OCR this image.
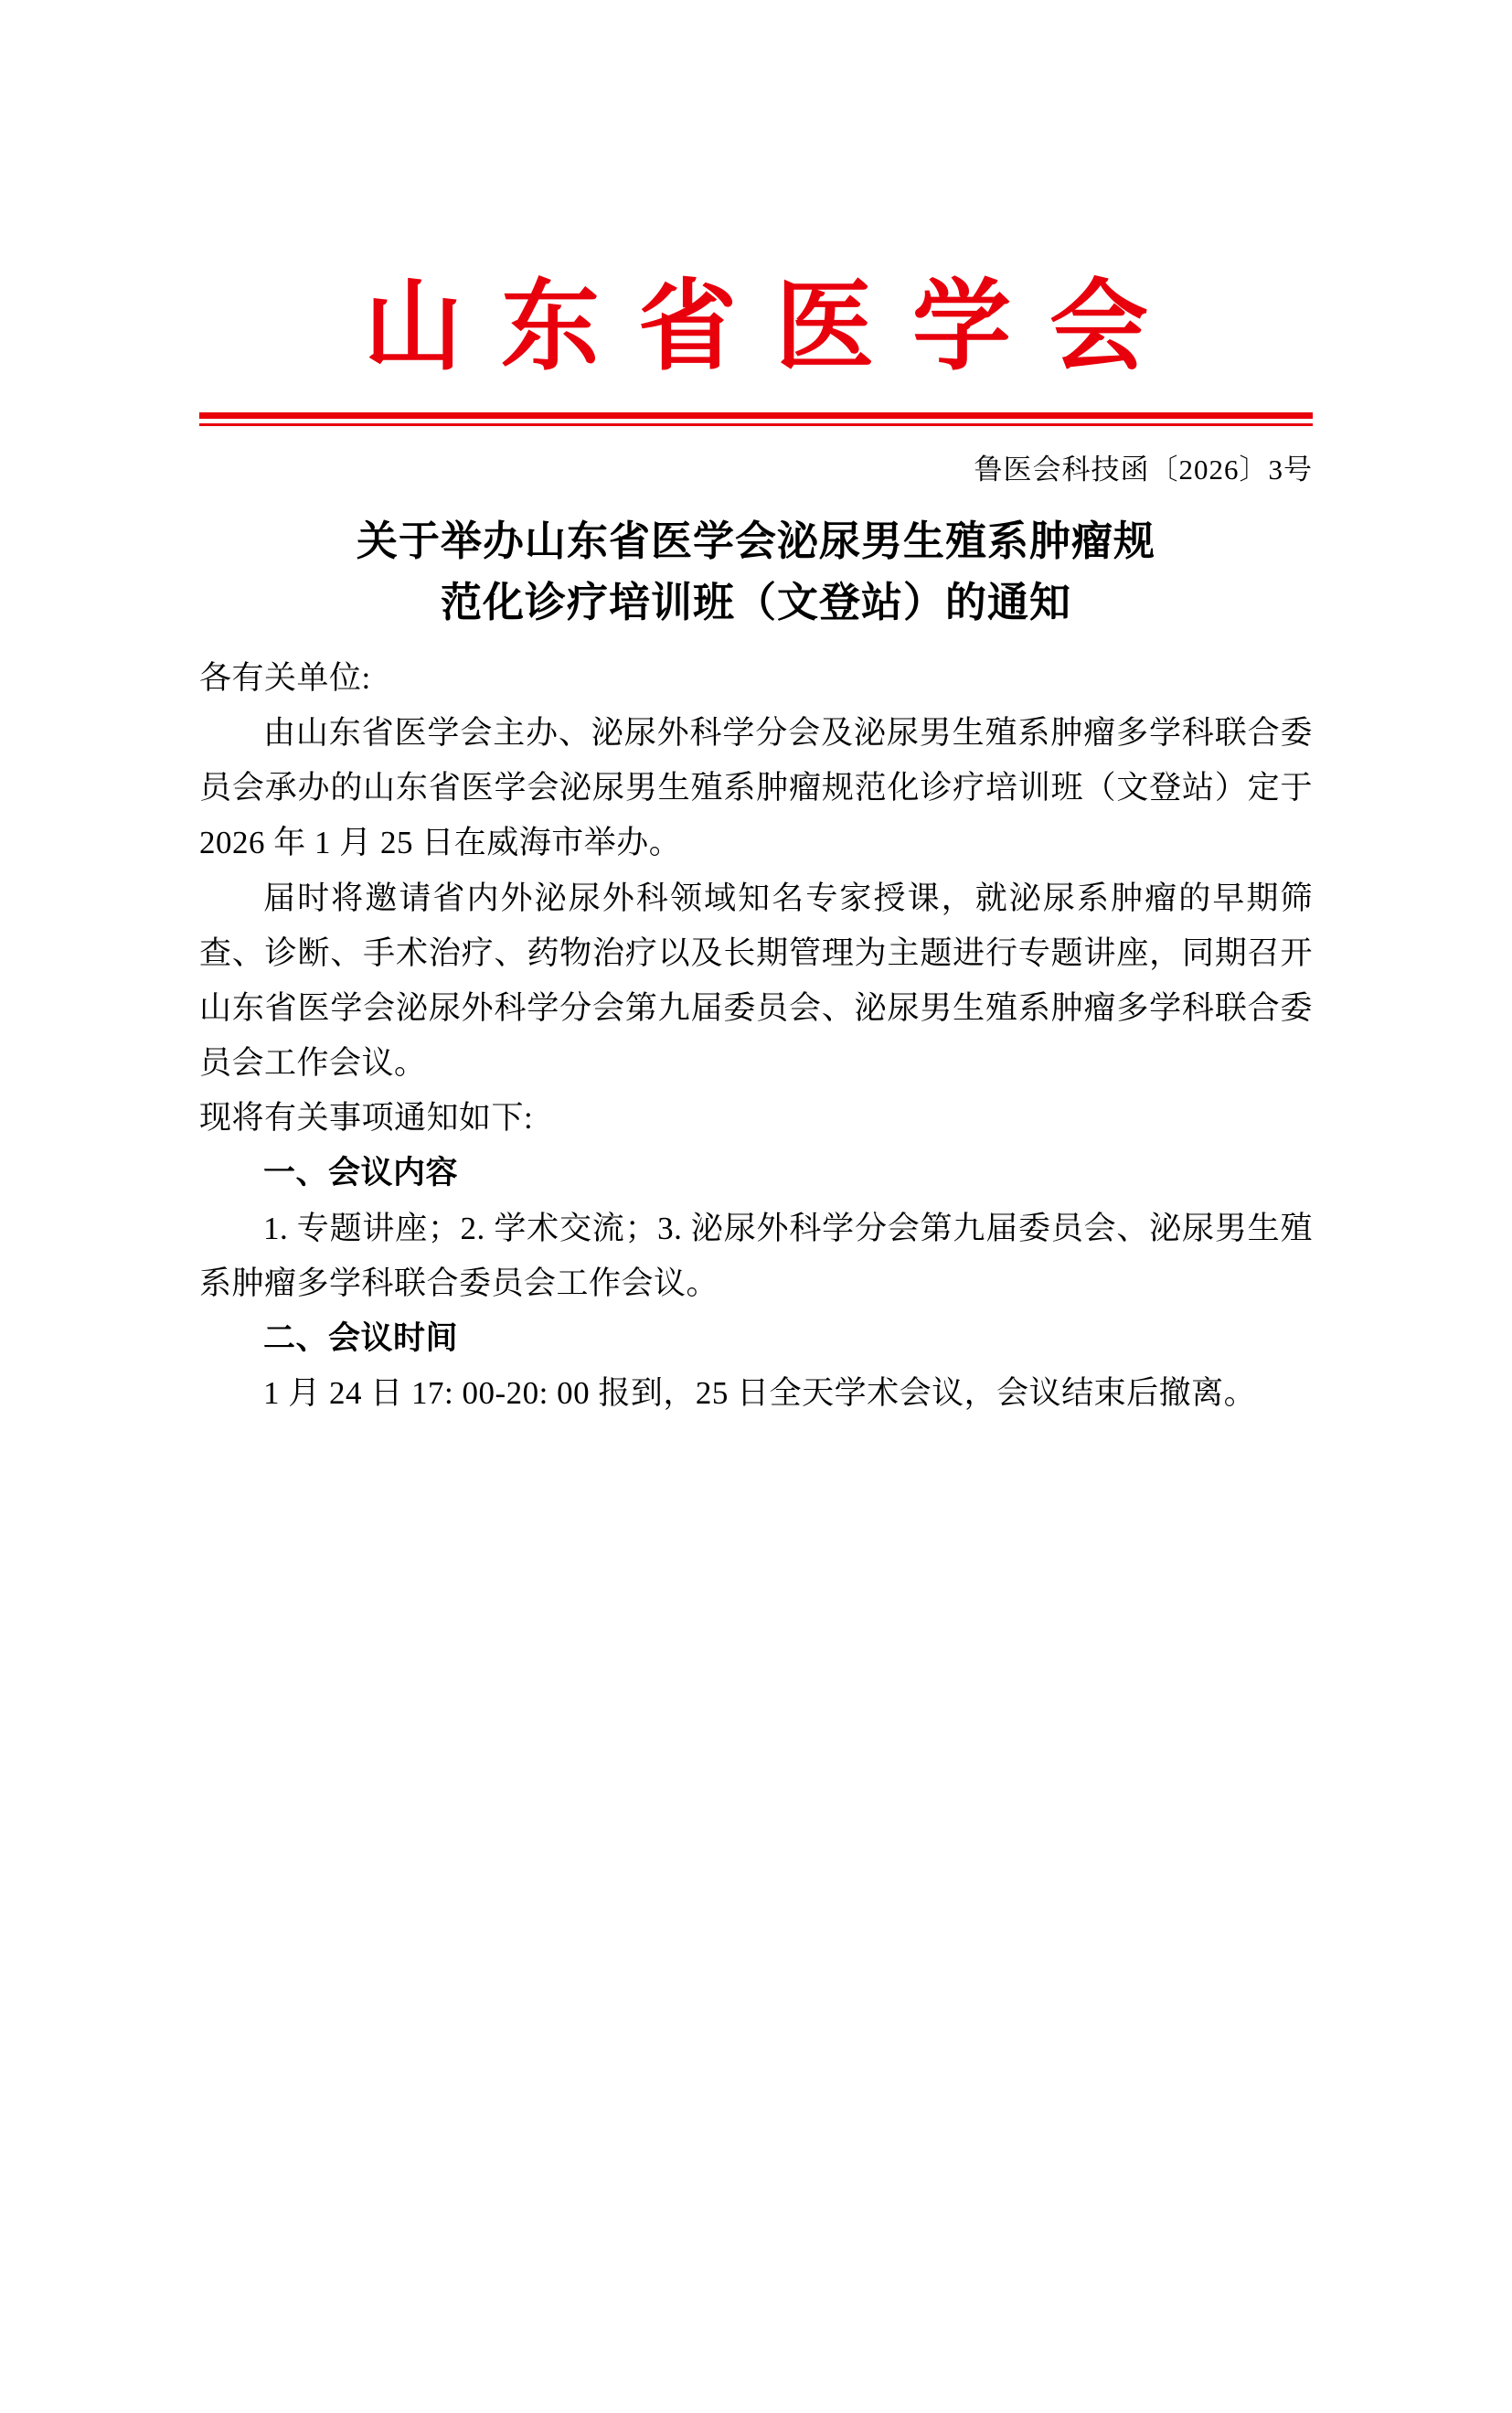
山东省医学会
鲁医会科技函〔2026〕3号
关于举办山东省医学会泌尿男生殖系肿瘤规
范化诊疗培训班（文登站）的通知

各有关单位:

由山东省医学会主办、泌尿外科学分会及泌尿男生殖系肿瘤多学科联合委员会承办的山东省医学会泌尿男生殖系肿瘤规范化诊疗培训班（文登站）定于 2026 年 1 月 25 日在威海市举办。

届时将邀请省内外泌尿外科领域知名专家授课，就泌尿系肿瘤的早期筛查、诊断、手术治疗、药物治疗以及长期管理为主题进行专题讲座，同期召开山东省医学会泌尿外科学分会第九届委员会、泌尿男生殖系肿瘤多学科联合委员会工作会议。

现将有关事项通知如下:

一、会议内容

1. 专题讲座；2. 学术交流；3. 泌尿外科学分会第九届委员会、泌尿男生殖系肿瘤多学科联合委员会工作会议。

二、会议时间

1 月 24 日 17: 00-20: 00 报到，25 日全天学术会议，会议结束后撤离。
